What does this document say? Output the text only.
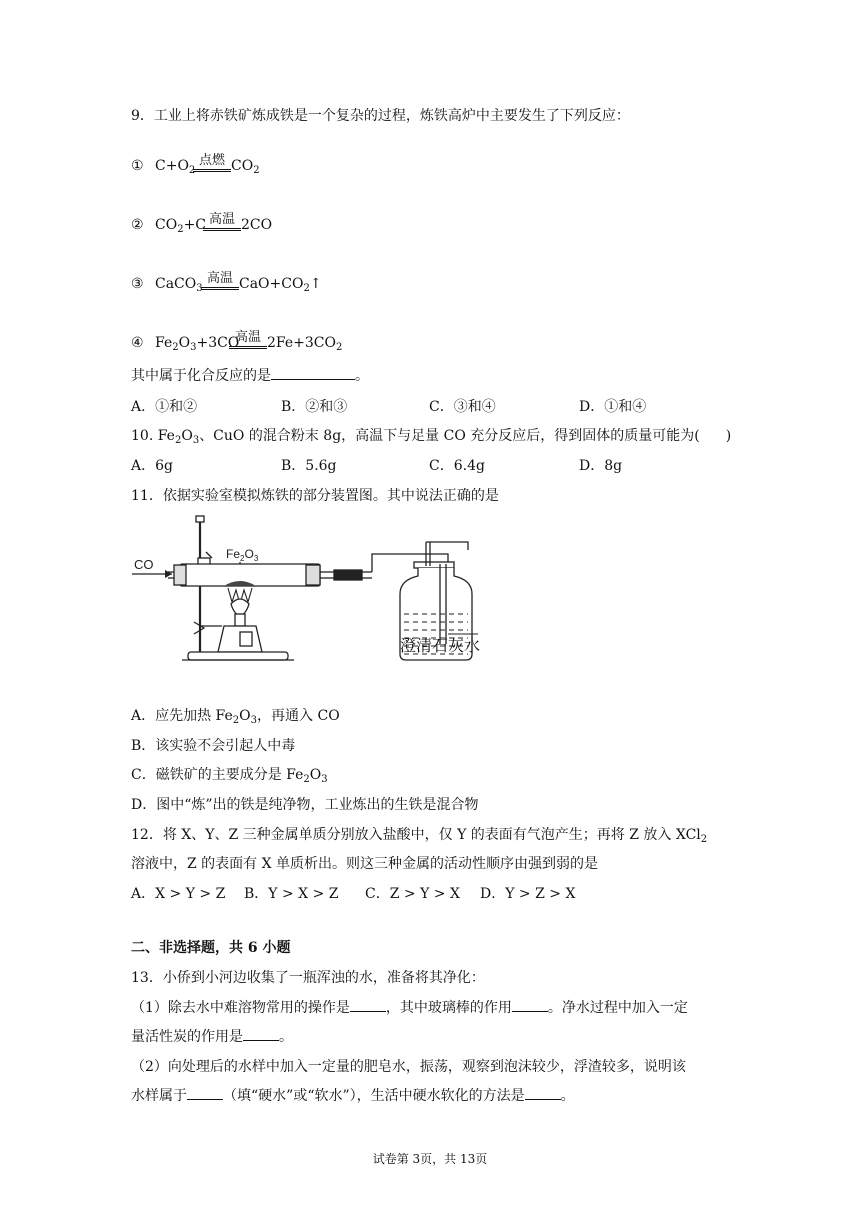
9．工业上将赤铁矿炼成铁是一个复杂的过程，炼铁高炉中主要发生了下列反应：
① $C+O_2$
点燃 $CO_2$
② $CO_2+C$ 高温 2CO
③ CaCO$_3$
高温 $CaO+CO_2↑$
④ $Fe_2O_3+3CO$
高温 $2Fe+3CO_2$
其中属于化合反应的是	。
A．①和②	B．②和③	C．③和④	D．①和④
10. $Fe_2O_3$、CuO 的混合粉末 8g，高温下与足量 CO 充分反应后，得到固体的质量可能为( )
A．6g	B．5.6g	C．6.4g	D．8g
11．依据实验室模拟炼铁的部分装置图。其中说法正确的是
CO
$Fe_2O_3$
澄清石灰水
A．应先加热 $Fe_2O_3$，再通入 CO
B．该实验不会引起人中毒
C．磁铁矿的主要成分是 $Fe_2O_3$
D．图中“炼”出的铁是纯净物，工业炼出的生铁是混合物
12．将 X、Y、Z 三种金属单质分别放入盐酸中，仅 Y 的表面有气泡产生；再将 Z 放入 XCl$_2$
溶液中，Z 的表面有 X 单质析出。则这三种金属的活动性顺序由强到弱的是
A．X > Y > Z B．Y > X > Z C．Z > Y > X D．Y > Z > X
二、非选择题，共 6 小题
13．小侨到小河边收集了一瓶浑浊的水，准备将其净化：
（1）除去水中难溶物常用的操作是	，其中玻璃棒的作用	。净水过程中加入一定
量活性炭的作用是	。
（2）向处理后的水样中加入一定量的肥皂水，振荡，观察到泡沫较少，浮渣较多，说明该
水样属于	（填“硬水”或“软水”），生活中硬水软化的方法是	。
试卷第 3页，共 13页
